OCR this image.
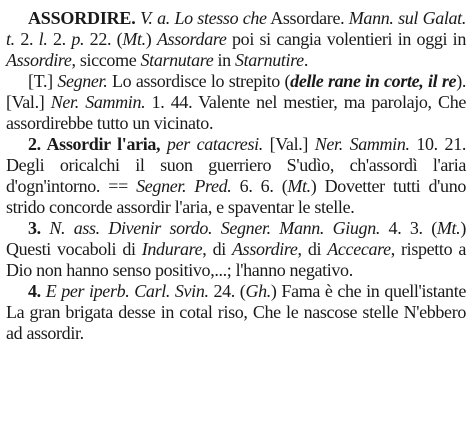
ASSORDIRE. V. a. Lo stesso che Assordare. Mann. sul Galat. t. 2. l. 2. p. 22. (Mt.) Assordare poi si cangia volentieri in oggi in Assordire, siccome Starnutare in Starnutire.

[T.] Segner. Lo assordisce lo strepito (delle rane in corte, il re). [Val.] Ner. Sammin. 1. 44. Valente nel mestier, ma parolajo, Che assordirebbe tutto un vicinato.

2. Assordir l'aria, per catacresi. [Val.] Ner. Sammin. 10. 21. Degli oricalchi il suon guerriero S'udìo, ch'assordì l'aria d'ogn'intorno. == Segner. Pred. 6. 6. (Mt.) Dovetter tutti d'uno strido concorde assordir l'aria, e spaventar le stelle.

3. N. ass. Divenir sordo. Segner. Mann. Giugn. 4. 3. (Mt.) Questi vocaboli di Indurare, di Assordire, di Accecare, rispetto a Dio non hanno senso positivo,...; l'hanno negativo.

4. E per iperb. Carl. Svin. 24. (Gh.) Fama è che in quell'istante La gran brigata desse in cotal riso, Che le nascose stelle N'ebbero ad assordir.
